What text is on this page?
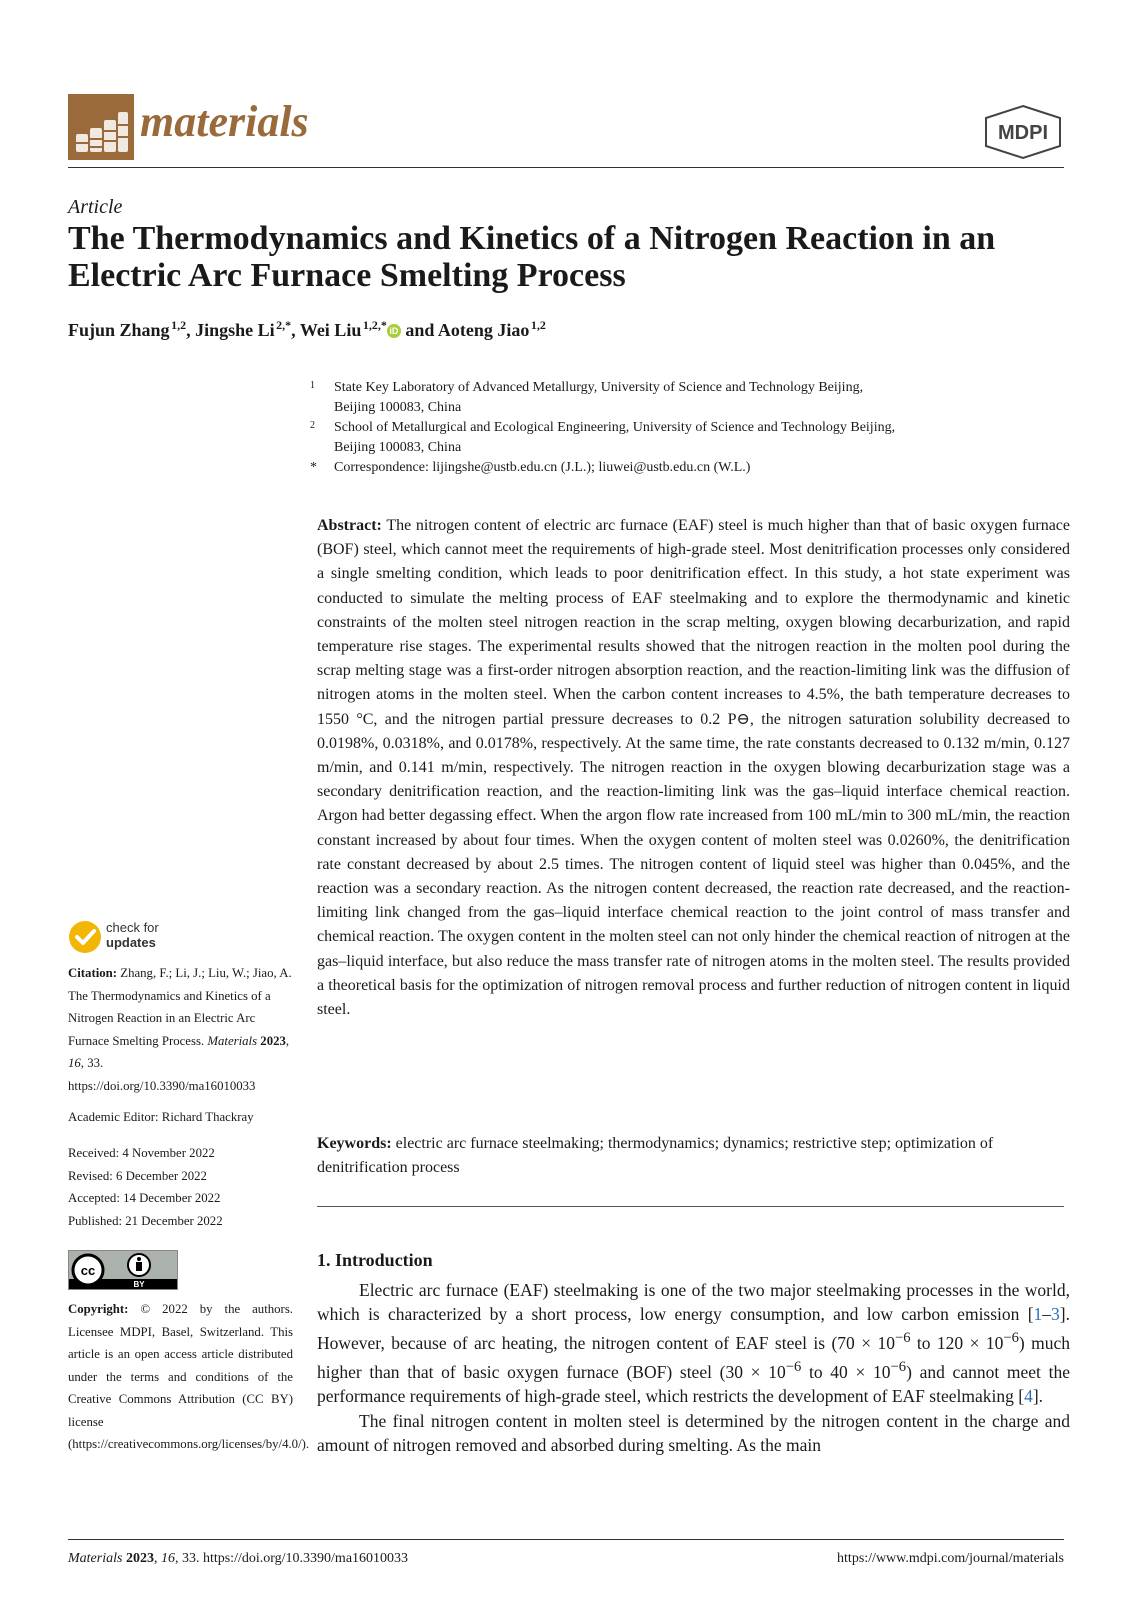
materials	MDPI
Article
The Thermodynamics and Kinetics of a Nitrogen Reaction in an
Electric Arc Furnace Smelting Process
Fujun Zhang  $^{1,2}$, Jingshe Li  $^{2,*}$, Wei Liu  $^{1,2,*}$ iD and Aoteng Jiao  $^{1,2}$
1 State Key Laboratory of Advanced Metallurgy, University of Science and Technology Beijing,
Beijing 100083, China
2 School of Metallurgical and Ecological Engineering, University of Science and Technology Beijing,
Beijing 100083, China
* Correspondence: lijingshe@ustb.edu.cn (J.L.); liuwei@ustb.edu.cn (W.L.)
Abstract: The nitrogen content of electric arc furnace (EAF) steel is much higher than that of basic oxygen furnace (BOF) steel, which cannot meet the requirements of high-grade steel. Most denitrification processes only considered a single smelting condition, which leads to poor denitrification effect. In this study, a hot state experiment was conducted to simulate the melting process of EAF steelmaking and to explore the thermodynamic and kinetic constraints of the molten steel nitrogen reaction in the scrap melting, oxygen blowing decarburization, and rapid temperature rise stages. The experimental results showed that the nitrogen reaction in the molten pool during the scrap melting stage was a first-order nitrogen absorption reaction, and the reaction-limiting link was the diffusion of nitrogen atoms in the molten steel. When the carbon content increases to 4.5%, the bath temperature decreases to 1550 °C, and the nitrogen partial pressure decreases to 0.2 P⊖, the nitrogen saturation solubility decreased to 0.0198%, 0.0318%, and 0.0178%, respectively. At the same time, the rate constants decreased to 0.132 m/min, 0.127 m/min, and 0.141 m/min, respectively. The nitrogen reaction in the oxygen blowing decarburization stage was a secondary denitrification reaction, and the reaction-limiting link was the gas–liquid interface chemical reaction. Argon had better degassing effect. When the argon flow rate increased from 100 mL/min to 300 mL/min, the reaction constant increased by about four times. When the oxygen content of molten steel was 0.0260%, the denitrification rate constant decreased by about 2.5 times. The nitrogen content of liquid steel was higher than 0.045%, and the reaction was a secondary reaction. As the nitrogen content decreased, the reaction rate decreased, and the reaction-limiting link changed from the gas–liquid interface chemical reaction to the joint control of mass transfer and chemical reaction. The oxygen content in the molten steel can not only hinder the chemical reaction of nitrogen at the gas–liquid interface, but also reduce the mass transfer rate of nitrogen atoms in the molten steel. The results provided a theoretical basis for the optimization of nitrogen removal process and further reduction of nitrogen content in liquid steel.
Keywords: electric arc furnace steelmaking; thermodynamics; dynamics; restrictive step; optimization of denitrification process
1. Introduction

Electric arc furnace (EAF) steelmaking is one of the two major steelmaking processes in the world, which is characterized by a short process, low energy consumption, and low carbon emission [1–3]. However, because of arc heating, the nitrogen content of EAF steel is ($70 \times 10^{-6}$ to $120 \times 10^{-6}$) much higher than that of basic oxygen furnace (BOF) steel ($30 \times 10^{-6}$ to $40 \times 10^{-6}$) and cannot meet the performance requirements of high-grade steel, which restricts the development of EAF steelmaking [4].

The final nitrogen content in molten steel is determined by the nitrogen content in the charge and amount of nitrogen removed and absorbed during smelting. As the main

check for
updates
Citation: Zhang, F.; Li, J.; Liu, W.; Jiao, A. The Thermodynamics and Kinetics of a Nitrogen Reaction in an Electric Arc Furnace Smelting Process. Materials 2023, 16, 33.
https://doi.org/10.3390/ma16010033
Academic Editor: Richard Thackray
Received: 4 November 2022
Revised: 6 December 2022
Accepted: 14 December 2022
Published: 21 December 2022
cc
BY
Copyright: © 2022 by the authors. Licensee MDPI, Basel, Switzerland. This article is an open access article distributed under the terms and conditions of the Creative Commons Attribution (CC BY) license (https://creativecommons.org/licenses/by/4.0/).
Materials 2023, 16, 33. https://doi.org/10.3390/ma16010033	https://www.mdpi.com/journal/materials
